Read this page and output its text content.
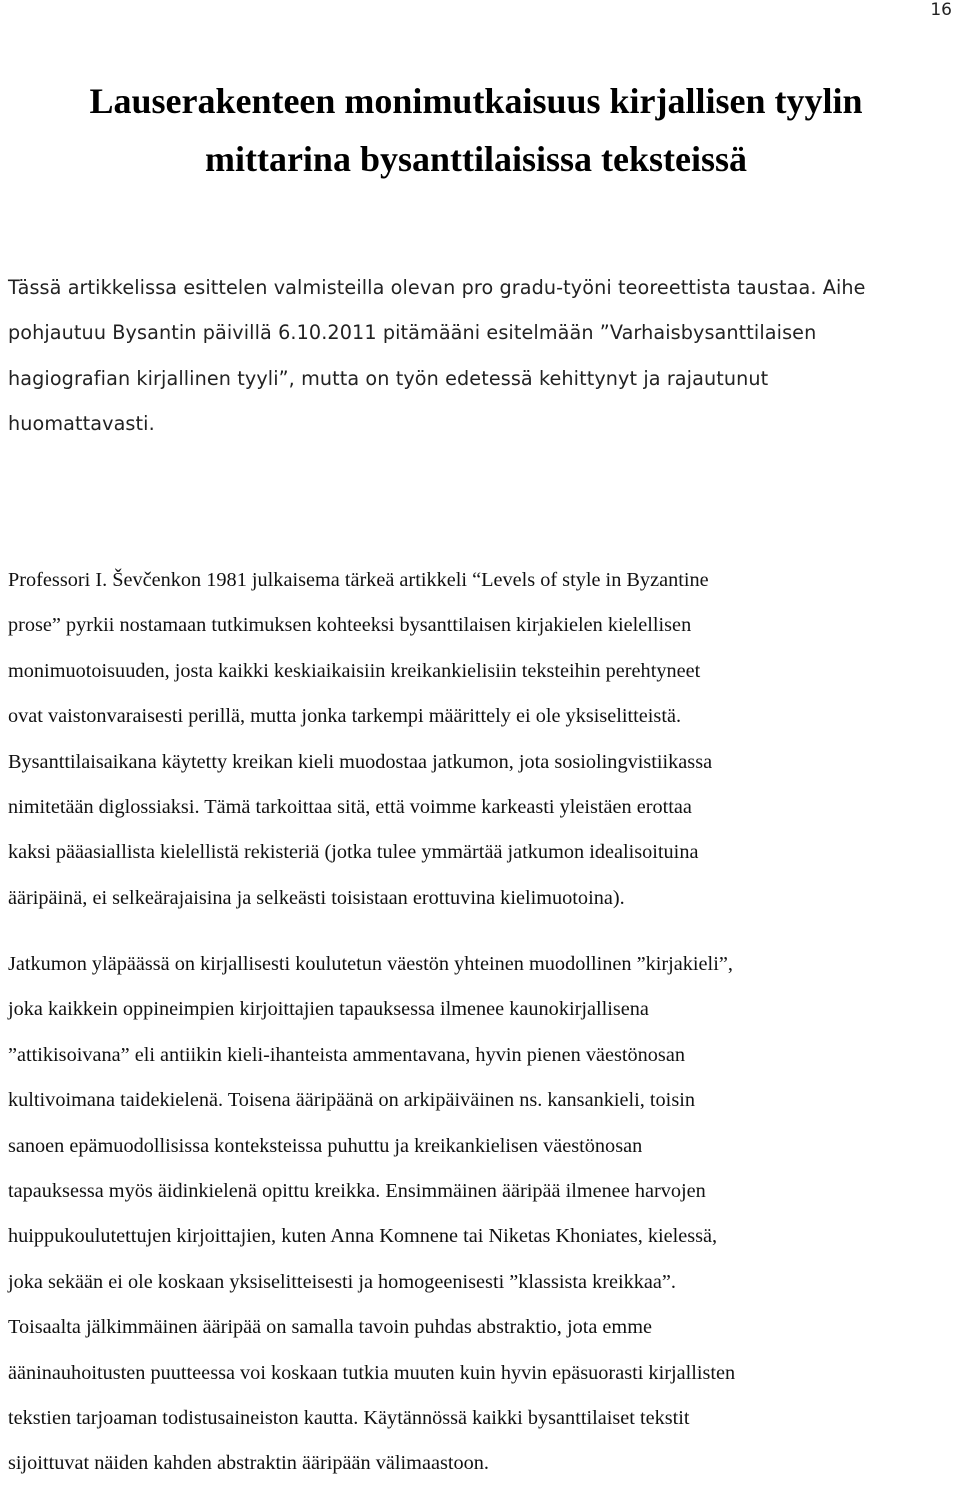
16
Lauserakenteen monimutkaisuus kirjallisen tyylin
mittarina bysanttilaisissa teksteissä
Tässä artikkelissa esittelen valmisteilla olevan pro gradu-työni teoreettista taustaa. Aihe
pohjautuu Bysantin päivillä 6.10.2011 pitämääni esitelmään ”Varhaisbysanttilaisen
hagiografian kirjallinen tyyli”, mutta on työn edetessä kehittynyt ja rajautunut
huomattavasti.
Professori I. Ševčenkon 1981 julkaisema tärkeä artikkeli “Levels of style in Byzantine
prose” pyrkii nostamaan tutkimuksen kohteeksi bysanttilaisen kirjakielen kielellisen
monimuotoisuuden, josta kaikki keskiaikaisiin kreikankielisiin teksteihin perehtyneet
ovat vaistonvaraisesti perillä, mutta jonka tarkempi määrittely ei ole yksiselitteistä.
Bysanttilaisaikana käytetty kreikan kieli muodostaa jatkumon, jota sosiolingvistiikassa
nimitetään diglossiaksi. Tämä tarkoittaa sitä, että voimme karkeasti yleistäen erottaa
kaksi pääasiallista kielellistä rekisteriä (jotka tulee ymmärtää jatkumon idealisoituina
ääripäinä, ei selkeärajaisina ja selkeästi toisistaan erottuvina kielimuotoina).
Jatkumon yläpäässä on kirjallisesti koulutetun väestön yhteinen muodollinen ”kirjakieli”,
joka kaikkein oppineimpien kirjoittajien tapauksessa ilmenee kaunokirjallisena
”attikisoivana” eli antiikin kieli-ihanteista ammentavana, hyvin pienen väestönosan
kultivoimana taidekielenä. Toisena ääripäänä on arkipäiväinen ns. kansankieli, toisin
sanoen epämuodollisissa konteksteissa puhuttu ja kreikankielisen väestönosan
tapauksessa myös äidinkielenä opittu kreikka. Ensimmäinen ääripää ilmenee harvojen
huippukoulutettujen kirjoittajien, kuten Anna Komnene tai Niketas Khoniates, kielessä,
joka sekään ei ole koskaan yksiselitteisesti ja homogeenisesti ”klassista kreikkaa”.
Toisaalta jälkimmäinen ääripää on samalla tavoin puhdas abstraktio, jota emme
ääninauhoitusten puutteessa voi koskaan tutkia muuten kuin hyvin epäsuorasti kirjallisten
tekstien tarjoaman todistusaineiston kautta. Käytännössä kaikki bysanttilaiset tekstit
sijoittuvat näiden kahden abstraktin ääripään välimaastoon.
